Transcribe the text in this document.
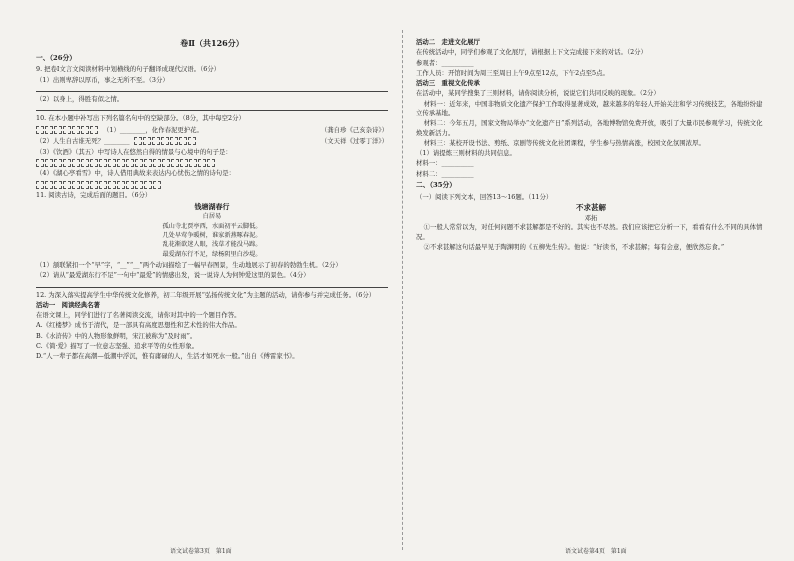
卷Ⅱ（共126分）
一、（26分）

9. 把卷Ⅰ文言文阅读材料中划横线的句子翻译成现代汉语。（6分）

（1）出则卑辞以厚币，事之无所不至。（3分）

（2）以身上，得胜有似之情。

10. 在本小题中补写出下列名篇名句中的空缺部分。（8分，其中每空2分）

（1）________，化作春泥更护花。	（龚自珍《己亥杂诗》）
（2）人生自古谁无死？________	（文天祥《过零丁洋》）

（3）《饮酒》（其五）中写诗人在悠然自得的情景与心境中的句子是：

（4）《湖心亭看雪》中，诗人借用典故来表达内心忧伤之情的诗句是：

11. 阅读古诗，完成后面的题目。（6分）

钱塘湖春行
白居易
孤山寺北贾亭西，水面初平云脚低。
几处早莺争暖树，谁家新燕啄春泥。
乱花渐欲迷人眼，浅草才能没马蹄。
最爱湖东行不足，绿杨阴里白沙堤。

（1）颔联紧扣一个“早”字，“__”“__”两个动词描绘了一幅早春图景，生动地展示了初春的勃勃生机。（2分）

（2）请从“最爱湖东行不足”一句中“最爱”的情感出发，说一说诗人为何钟爱这里的景色。（4分）

12. 为深入落实提高学生中华传统文化修养，初二年级开展“弘扬传统文化”为主题的活动，请你参与并完成任务。（6分）

活动一　阅读经典名著

在语文课上，同学们进行了名著阅读交流，请你对其中的一个题目作答。

A.《红楼梦》成书于清代，是一部具有高度思想性和艺术性的伟大作品。

B.《水浒传》中的人物形象鲜明，宋江被称为“及时雨”。

C.《简·爱》描写了一位意志坚强、追求平等的女性形象。

D.“人一辈子都在高潮—低潮中浮沉，惟有庸碌的人，生活才如死水一般。”出自《傅雷家书》。

活动二　走进文化展厅

在传统活动中，同学们参观了文化展厅，请根据上下文完成接下来的对话。（2分）

参观者：__________

工作人员：开馆时间为周三至周日上午9点至12点，下午2点至5点。

活动三　重视文化传承

在活动中，某同学搜集了三则材料，请你阅读分析，说说它们共同反映的现象。（2分）

材料一：近年来，中国非物质文化遗产保护工作取得显著成效，越来越多的年轻人开始关注和学习传统技艺，各地纷纷建立传承基地。

材料二：今年五月，国家文物局举办“文化遗产日”系列活动，各地博物馆免费开放，吸引了大量市民参观学习，传统文化焕发新活力。

材料三：某校开设书法、剪纸、京剧等传统文化社团课程，学生参与热情高涨，校园文化氛围浓厚。

（1）请提炼三则材料的共同信息。

材料一：__________

材料二：__________

二、（35分）

（一）阅读下列文本，回答13～16题。（11分）

不求甚解
邓拓

①一般人常常以为，对任何问题不求甚解都是不好的。其实也不尽然。我们应该把它分析一下，看看有什么不同的具体情况。

②不求甚解这句话最早见于陶渊明的《五柳先生传》。他说：“好读书，不求甚解；每有会意，便欣然忘食。”

语文试卷第3页　第1面	语文试卷第4页　第1面
